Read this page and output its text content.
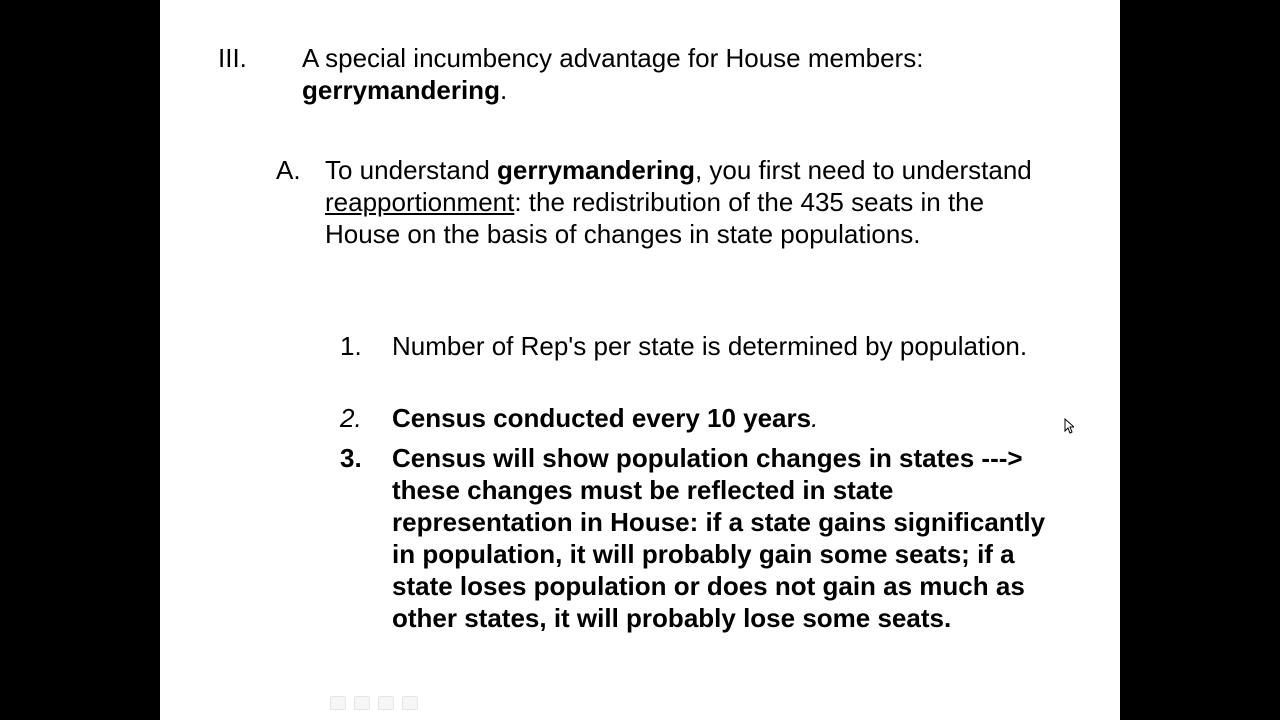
III. A special incumbency advantage for House members: gerrymandering.
A. To understand gerrymandering, you first need to understand reapportionment: the redistribution of the 435 seats in the House on the basis of changes in state populations.
1. Number of Rep's per state is determined by population.
2. Census conducted every 10 years.
3. Census will show population changes in states ---> these changes must be reflected in state representation in House: if a state gains significantly in population, it will probably gain some seats; if a state loses population or does not gain as much as other states, it will probably lose some seats.
